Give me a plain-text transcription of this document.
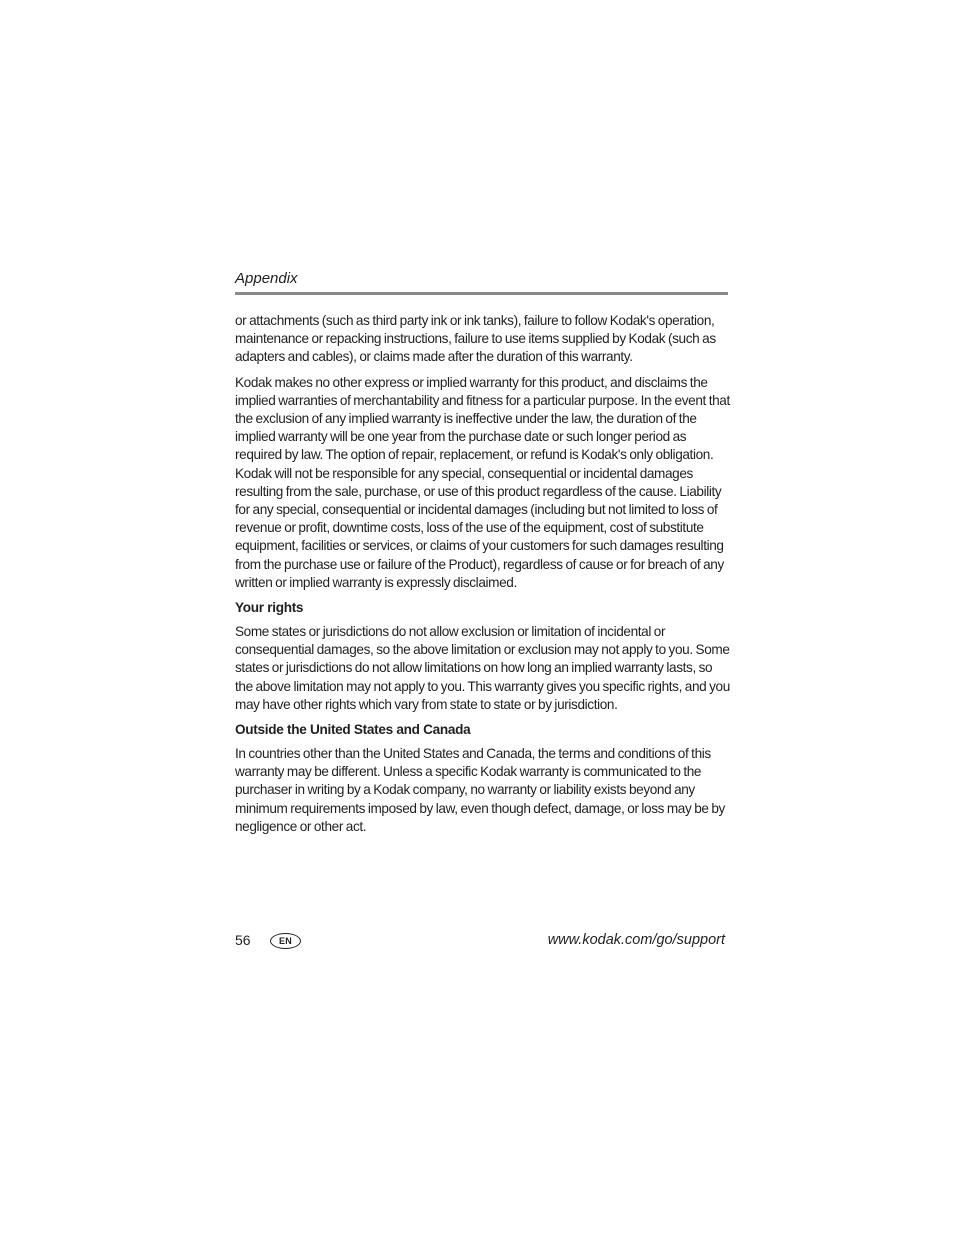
Appendix

or attachments (such as third party ink or ink tanks), failure to follow Kodak's operation, maintenance or repacking instructions, failure to use items supplied by Kodak (such as adapters and cables), or claims made after the duration of this warranty.

Kodak makes no other express or implied warranty for this product, and disclaims the implied warranties of merchantability and fitness for a particular purpose. In the event that the exclusion of any implied warranty is ineffective under the law, the duration of the implied warranty will be one year from the purchase date or such longer period as required by law. The option of repair, replacement, or refund is Kodak's only obligation. Kodak will not be responsible for any special, consequential or incidental damages resulting from the sale, purchase, or use of this product regardless of the cause. Liability for any special, consequential or incidental damages (including but not limited to loss of revenue or profit, downtime costs, loss of the use of the equipment, cost of substitute equipment, facilities or services, or claims of your customers for such damages resulting from the purchase use or failure of the Product), regardless of cause or for breach of any written or implied warranty is expressly disclaimed.

Your rights

Some states or jurisdictions do not allow exclusion or limitation of incidental or consequential damages, so the above limitation or exclusion may not apply to you. Some states or jurisdictions do not allow limitations on how long an implied warranty lasts, so the above limitation may not apply to you. This warranty gives you specific rights, and you may have other rights which vary from state to state or by jurisdiction.

Outside the United States and Canada

In countries other than the United States and Canada, the terms and conditions of this warranty may be different. Unless a specific Kodak warranty is communicated to the purchaser in writing by a Kodak company, no warranty or liability exists beyond any minimum requirements imposed by law, even though defect, damage, or loss may be by negligence or other act.

56	EN	www.kodak.com/go/support
